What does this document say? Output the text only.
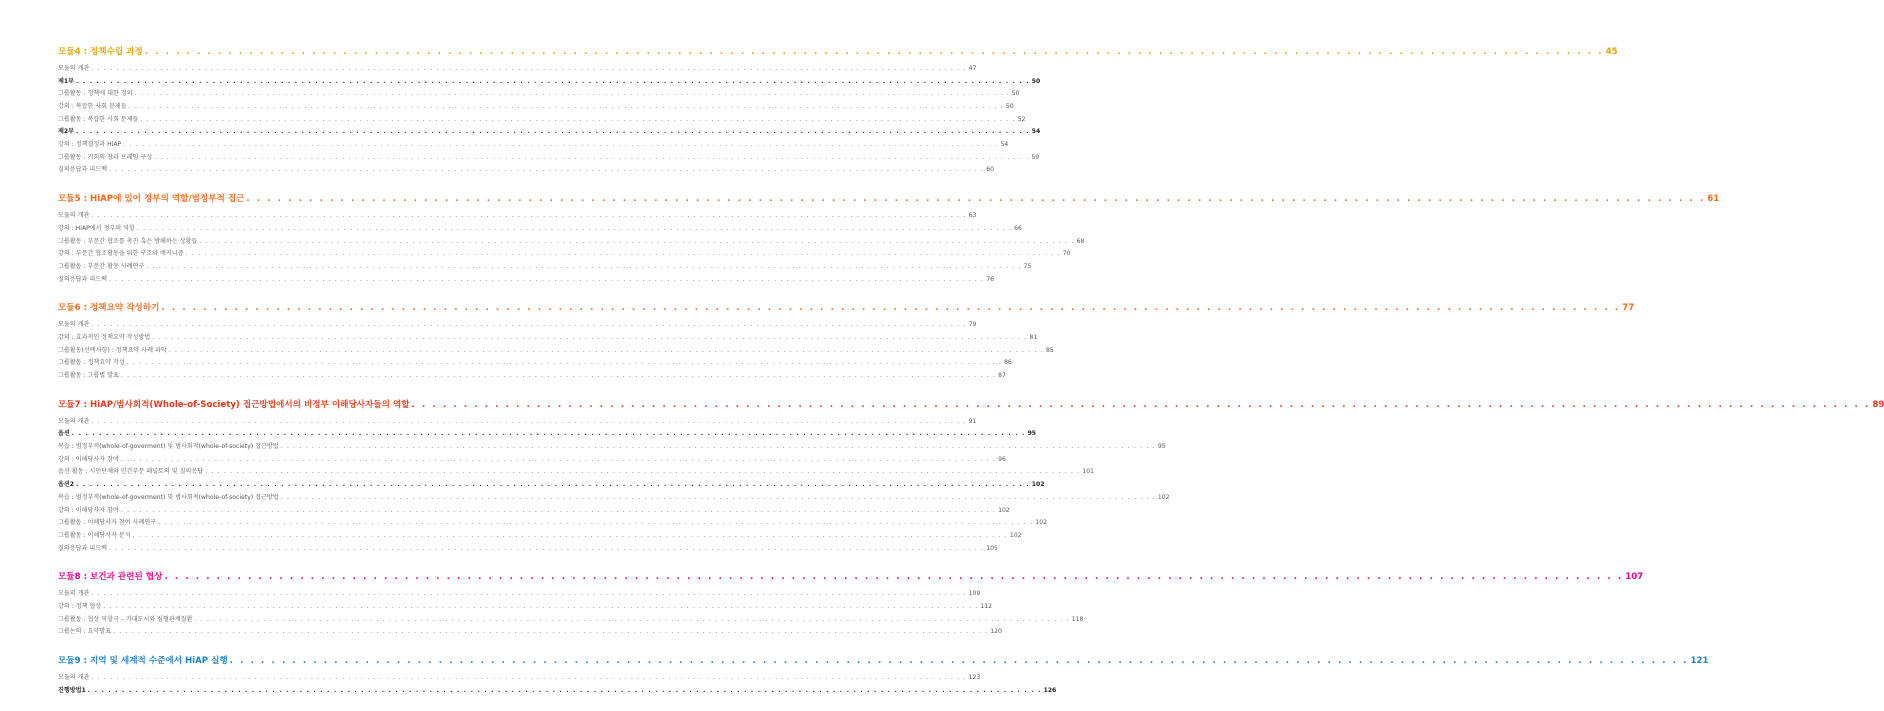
모듈4 : 정책수립 과정 . . . . . . . . . . . . . . . . . . . . . . . . . . . . . . . . . . . . . . . . . . . . . . . . . . . . . . . . . . . . . . . . . . . . . . . . . . . . . . . . . . . . . . . . . . . . . . . . . . . . . . . . . . . . . . . . . . . . . . . . . . . . . . . . . . . . . . . . . . . . 45
모듈의 개관 . . . . . . . . . . . . . . . . . . . . . . . . . . . . . . . . . . . . . . . . . . . . . . . . . . . . . . . . . . . . . . . . . . . . . . . . . . . . . . . . . . . . . . . . . . . . . . . . . . . . . . . . . . . . . . . . . . . . . . . . . . . . . . . . . . . . . . . . . . . . 47
제1부 . . . . . . . . . . . . . . . . . . . . . . . . . . . . . . . . . . . . . . . . . . . . . . . . . . . . . . . . . . . . . . . . . . . . . . . . . . . . . . . . . . . . . . . . . . . . . . . . . . . . . . . . . . . . . . . . . . . . . . . . . . . . . . . . . . . . . . . . . . . . 50
그룹활동 : 정책에 대한 정의 . . . . . . . . . . . . . . . . . . . . . . . . . . . . . . . . . . . . . . . . . . . . . . . . . . . . . . . . . . . . . . . . . . . . . . . . . . . . . . . . . . . . . . . . . . . . . . . . . . . . . . . . . . . . . . . . . . . . . . . . . . . . . . . . . . . . . . . . . . . . 50
강의 : 복잡한 사회 문제들 . . . . . . . . . . . . . . . . . . . . . . . . . . . . . . . . . . . . . . . . . . . . . . . . . . . . . . . . . . . . . . . . . . . . . . . . . . . . . . . . . . . . . . . . . . . . . . . . . . . . . . . . . . . . . . . . . . . . . . . . . . . . . . . . . . . . . . . . . . . . 50
그룹활동 : 복잡한 사회 문제들 . . . . . . . . . . . . . . . . . . . . . . . . . . . . . . . . . . . . . . . . . . . . . . . . . . . . . . . . . . . . . . . . . . . . . . . . . . . . . . . . . . . . . . . . . . . . . . . . . . . . . . . . . . . . . . . . . . . . . . . . . . . . . . . . . . . . . . . . . . . . 52
제2부 . . . . . . . . . . . . . . . . . . . . . . . . . . . . . . . . . . . . . . . . . . . . . . . . . . . . . . . . . . . . . . . . . . . . . . . . . . . . . . . . . . . . . . . . . . . . . . . . . . . . . . . . . . . . . . . . . . . . . . . . . . . . . . . . . . . . . . . . . . . . 54
강의 : 정책결정과 HiAP . . . . . . . . . . . . . . . . . . . . . . . . . . . . . . . . . . . . . . . . . . . . . . . . . . . . . . . . . . . . . . . . . . . . . . . . . . . . . . . . . . . . . . . . . . . . . . . . . . . . . . . . . . . . . . . . . . . . . . . . . . . . . . . . . . . . . . . . . . . . 54
그룹활동 : 기회의 창과 프레임 구성 . . . . . . . . . . . . . . . . . . . . . . . . . . . . . . . . . . . . . . . . . . . . . . . . . . . . . . . . . . . . . . . . . . . . . . . . . . . . . . . . . . . . . . . . . . . . . . . . . . . . . . . . . . . . . . . . . . . . . . . . . . . . . . . . . . . . . . . . . . . . 59
질의응답과 피드백 . . . . . . . . . . . . . . . . . . . . . . . . . . . . . . . . . . . . . . . . . . . . . . . . . . . . . . . . . . . . . . . . . . . . . . . . . . . . . . . . . . . . . . . . . . . . . . . . . . . . . . . . . . . . . . . . . . . . . . . . . . . . . . . . . . . . . . . . . . . . 60
모듈5 : HiAP에 있어 정부의 역할/범정부적 접근 . . . . . . . . . . . . . . . . . . . . . . . . . . . . . . . . . . . . . . . . . . . . . . . . . . . . . . . . . . . . . . . . . . . . . . . . . . . . . . . . . . . . . . . . . . . . . . . . . . . . . . . . . . . . . . . . . . . . . . . . . . . . . . . . . . . . . . . . . . . . 61
모듈의 개관 . . . . . . . . . . . . . . . . . . . . . . . . . . . . . . . . . . . . . . . . . . . . . . . . . . . . . . . . . . . . . . . . . . . . . . . . . . . . . . . . . . . . . . . . . . . . . . . . . . . . . . . . . . . . . . . . . . . . . . . . . . . . . . . . . . . . . . . . . . . . 63
강의 : HiAP에서 정부의 역할 . . . . . . . . . . . . . . . . . . . . . . . . . . . . . . . . . . . . . . . . . . . . . . . . . . . . . . . . . . . . . . . . . . . . . . . . . . . . . . . . . . . . . . . . . . . . . . . . . . . . . . . . . . . . . . . . . . . . . . . . . . . . . . . . . . . . . . . . . . . . 66
그룹활동 : 부문간 협조를 촉진 혹은 방해하는 상황들 . . . . . . . . . . . . . . . . . . . . . . . . . . . . . . . . . . . . . . . . . . . . . . . . . . . . . . . . . . . . . . . . . . . . . . . . . . . . . . . . . . . . . . . . . . . . . . . . . . . . . . . . . . . . . . . . . . . . . . . . . . . . . . . . . . . . . . . . . . . . 68
강의 : 부문간 협조활동을 위한 구조와 메커니즘 . . . . . . . . . . . . . . . . . . . . . . . . . . . . . . . . . . . . . . . . . . . . . . . . . . . . . . . . . . . . . . . . . . . . . . . . . . . . . . . . . . . . . . . . . . . . . . . . . . . . . . . . . . . . . . . . . . . . . . . . . . . . . . . . . . . . . . . . . . . . 70
그룹활동 : 부문간 활동 사례연구 . . . . . . . . . . . . . . . . . . . . . . . . . . . . . . . . . . . . . . . . . . . . . . . . . . . . . . . . . . . . . . . . . . . . . . . . . . . . . . . . . . . . . . . . . . . . . . . . . . . . . . . . . . . . . . . . . . . . . . . . . . . . . . . . . . . . . . . . . . . . 75
질의응답과 피드백 . . . . . . . . . . . . . . . . . . . . . . . . . . . . . . . . . . . . . . . . . . . . . . . . . . . . . . . . . . . . . . . . . . . . . . . . . . . . . . . . . . . . . . . . . . . . . . . . . . . . . . . . . . . . . . . . . . . . . . . . . . . . . . . . . . . . . . . . . . . . 76
모듈6 : 정책요약 작성하기 . . . . . . . . . . . . . . . . . . . . . . . . . . . . . . . . . . . . . . . . . . . . . . . . . . . . . . . . . . . . . . . . . . . . . . . . . . . . . . . . . . . . . . . . . . . . . . . . . . . . . . . . . . . . . . . . . . . . . . . . . . . . . . . . . . . . . . . . . . . . 77
모듈의 개관 . . . . . . . . . . . . . . . . . . . . . . . . . . . . . . . . . . . . . . . . . . . . . . . . . . . . . . . . . . . . . . . . . . . . . . . . . . . . . . . . . . . . . . . . . . . . . . . . . . . . . . . . . . . . . . . . . . . . . . . . . . . . . . . . . . . . . . . . . . . . 79
강의 : 효과적인 정책요약 작성방법 . . . . . . . . . . . . . . . . . . . . . . . . . . . . . . . . . . . . . . . . . . . . . . . . . . . . . . . . . . . . . . . . . . . . . . . . . . . . . . . . . . . . . . . . . . . . . . . . . . . . . . . . . . . . . . . . . . . . . . . . . . . . . . . . . . . . . . . . . . . . 81
그룹활동(선택사항) : 정책요약 사례 파악 . . . . . . . . . . . . . . . . . . . . . . . . . . . . . . . . . . . . . . . . . . . . . . . . . . . . . . . . . . . . . . . . . . . . . . . . . . . . . . . . . . . . . . . . . . . . . . . . . . . . . . . . . . . . . . . . . . . . . . . . . . . . . . . . . . . . . . . . . . . . 85
그룹활동 : 정책요약 작성 . . . . . . . . . . . . . . . . . . . . . . . . . . . . . . . . . . . . . . . . . . . . . . . . . . . . . . . . . . . . . . . . . . . . . . . . . . . . . . . . . . . . . . . . . . . . . . . . . . . . . . . . . . . . . . . . . . . . . . . . . . . . . . . . . . . . . . . . . . . . 86
그룹활동 : 그룹별 발표 . . . . . . . . . . . . . . . . . . . . . . . . . . . . . . . . . . . . . . . . . . . . . . . . . . . . . . . . . . . . . . . . . . . . . . . . . . . . . . . . . . . . . . . . . . . . . . . . . . . . . . . . . . . . . . . . . . . . . . . . . . . . . . . . . . . . . . . . . . . . 87
모듈7 : HiAP/범사회적(Whole-of-Society) 접근방법에서의 비정부 이해당사자들의 역할 . . . . . . . . . . . . . . . . . . . . . . . . . . . . . . . . . . . . . . . . . . . . . . . . . . . . . . . . . . . . . . . . . . . . . . . . . . . . . . . . . . . . . . . . . . . . . . . . . . . . . . . . . . . . . . . . . . . . . . . . . . . . . . . . . . . . . . . . . . . . 89
모듈의 개관 . . . . . . . . . . . . . . . . . . . . . . . . . . . . . . . . . . . . . . . . . . . . . . . . . . . . . . . . . . . . . . . . . . . . . . . . . . . . . . . . . . . . . . . . . . . . . . . . . . . . . . . . . . . . . . . . . . . . . . . . . . . . . . . . . . . . . . . . . . . . 91
옵션 . . . . . . . . . . . . . . . . . . . . . . . . . . . . . . . . . . . . . . . . . . . . . . . . . . . . . . . . . . . . . . . . . . . . . . . . . . . . . . . . . . . . . . . . . . . . . . . . . . . . . . . . . . . . . . . . . . . . . . . . . . . . . . . . . . . . . . . . . . . . 95
복습 : 범정부적(whole-of-goverment) 및 범사회적(whole-of-society) 접근방법 . . . . . . . . . . . . . . . . . . . . . . . . . . . . . . . . . . . . . . . . . . . . . . . . . . . . . . . . . . . . . . . . . . . . . . . . . . . . . . . . . . . . . . . . . . . . . . . . . . . . . . . . . . . . . . . . . . . . . . . . . . . . . . . . . . . . . . . . . . . . 95
강의 : 이해당사자 참여 . . . . . . . . . . . . . . . . . . . . . . . . . . . . . . . . . . . . . . . . . . . . . . . . . . . . . . . . . . . . . . . . . . . . . . . . . . . . . . . . . . . . . . . . . . . . . . . . . . . . . . . . . . . . . . . . . . . . . . . . . . . . . . . . . . . . . . . . . . . . 96
옵션 활동 : 시민단체와 민간부문 패널토의 및 질의응답 . . . . . . . . . . . . . . . . . . . . . . . . . . . . . . . . . . . . . . . . . . . . . . . . . . . . . . . . . . . . . . . . . . . . . . . . . . . . . . . . . . . . . . . . . . . . . . . . . . . . . . . . . . . . . . . . . . . . . . . . . . . . . . . . . . . . . . . . . . . . 101
옵션2 . . . . . . . . . . . . . . . . . . . . . . . . . . . . . . . . . . . . . . . . . . . . . . . . . . . . . . . . . . . . . . . . . . . . . . . . . . . . . . . . . . . . . . . . . . . . . . . . . . . . . . . . . . . . . . . . . . . . . . . . . . . . . . . . . . . . . . . . . . . . 102
복습 : 범정부적(whole-of-goverment) 및 범사회적(whole-of-society) 접근방법 . . . . . . . . . . . . . . . . . . . . . . . . . . . . . . . . . . . . . . . . . . . . . . . . . . . . . . . . . . . . . . . . . . . . . . . . . . . . . . . . . . . . . . . . . . . . . . . . . . . . . . . . . . . . . . . . . . . . . . . . . . . . . . . . . . . . . . . . . . . . 102
강의 : 이해당사자 참여 . . . . . . . . . . . . . . . . . . . . . . . . . . . . . . . . . . . . . . . . . . . . . . . . . . . . . . . . . . . . . . . . . . . . . . . . . . . . . . . . . . . . . . . . . . . . . . . . . . . . . . . . . . . . . . . . . . . . . . . . . . . . . . . . . . . . . . . . . . . . 102
그룹활동 : 이해당사자 참여 사례연구 . . . . . . . . . . . . . . . . . . . . . . . . . . . . . . . . . . . . . . . . . . . . . . . . . . . . . . . . . . . . . . . . . . . . . . . . . . . . . . . . . . . . . . . . . . . . . . . . . . . . . . . . . . . . . . . . . . . . . . . . . . . . . . . . . . . . . . . . . . . . 102
그룹활동 : 이해당사자 분석 . . . . . . . . . . . . . . . . . . . . . . . . . . . . . . . . . . . . . . . . . . . . . . . . . . . . . . . . . . . . . . . . . . . . . . . . . . . . . . . . . . . . . . . . . . . . . . . . . . . . . . . . . . . . . . . . . . . . . . . . . . . . . . . . . . . . . . . . . . . . 102
질의응답과 피드백 . . . . . . . . . . . . . . . . . . . . . . . . . . . . . . . . . . . . . . . . . . . . . . . . . . . . . . . . . . . . . . . . . . . . . . . . . . . . . . . . . . . . . . . . . . . . . . . . . . . . . . . . . . . . . . . . . . . . . . . . . . . . . . . . . . . . . . . . . . . . 105
모듈8 : 보건과 관련된 협상 . . . . . . . . . . . . . . . . . . . . . . . . . . . . . . . . . . . . . . . . . . . . . . . . . . . . . . . . . . . . . . . . . . . . . . . . . . . . . . . . . . . . . . . . . . . . . . . . . . . . . . . . . . . . . . . . . . . . . . . . . . . . . . . . . . . . . . . . . . . . 107
모듈의 개관 . . . . . . . . . . . . . . . . . . . . . . . . . . . . . . . . . . . . . . . . . . . . . . . . . . . . . . . . . . . . . . . . . . . . . . . . . . . . . . . . . . . . . . . . . . . . . . . . . . . . . . . . . . . . . . . . . . . . . . . . . . . . . . . . . . . . . . . . . . . . 109
강의 : 정책 협상 . . . . . . . . . . . . . . . . . . . . . . . . . . . . . . . . . . . . . . . . . . . . . . . . . . . . . . . . . . . . . . . . . . . . . . . . . . . . . . . . . . . . . . . . . . . . . . . . . . . . . . . . . . . . . . . . . . . . . . . . . . . . . . . . . . . . . . . . . . . . 112
그룹활동 : 협상 역할극 – 거대도시와 심혈관계질환 . . . . . . . . . . . . . . . . . . . . . . . . . . . . . . . . . . . . . . . . . . . . . . . . . . . . . . . . . . . . . . . . . . . . . . . . . . . . . . . . . . . . . . . . . . . . . . . . . . . . . . . . . . . . . . . . . . . . . . . . . . . . . . . . . . . . . . . . . . . . 118
그룹논의 : 요약발표 . . . . . . . . . . . . . . . . . . . . . . . . . . . . . . . . . . . . . . . . . . . . . . . . . . . . . . . . . . . . . . . . . . . . . . . . . . . . . . . . . . . . . . . . . . . . . . . . . . . . . . . . . . . . . . . . . . . . . . . . . . . . . . . . . . . . . . . . . . . . 120
모듈9 : 지역 및 세계적 수준에서 HiAP 실행 . . . . . . . . . . . . . . . . . . . . . . . . . . . . . . . . . . . . . . . . . . . . . . . . . . . . . . . . . . . . . . . . . . . . . . . . . . . . . . . . . . . . . . . . . . . . . . . . . . . . . . . . . . . . . . . . . . . . . . . . . . . . . . . . . . . . . . . . . . . . 121
모듈의 개관 . . . . . . . . . . . . . . . . . . . . . . . . . . . . . . . . . . . . . . . . . . . . . . . . . . . . . . . . . . . . . . . . . . . . . . . . . . . . . . . . . . . . . . . . . . . . . . . . . . . . . . . . . . . . . . . . . . . . . . . . . . . . . . . . . . . . . . . . . . . . 123
진행방법1 . . . . . . . . . . . . . . . . . . . . . . . . . . . . . . . . . . . . . . . . . . . . . . . . . . . . . . . . . . . . . . . . . . . . . . . . . . . . . . . . . . . . . . . . . . . . . . . . . . . . . . . . . . . . . . . . . . . . . . . . . . . . . . . . . . . . . . . . . . . . 126
